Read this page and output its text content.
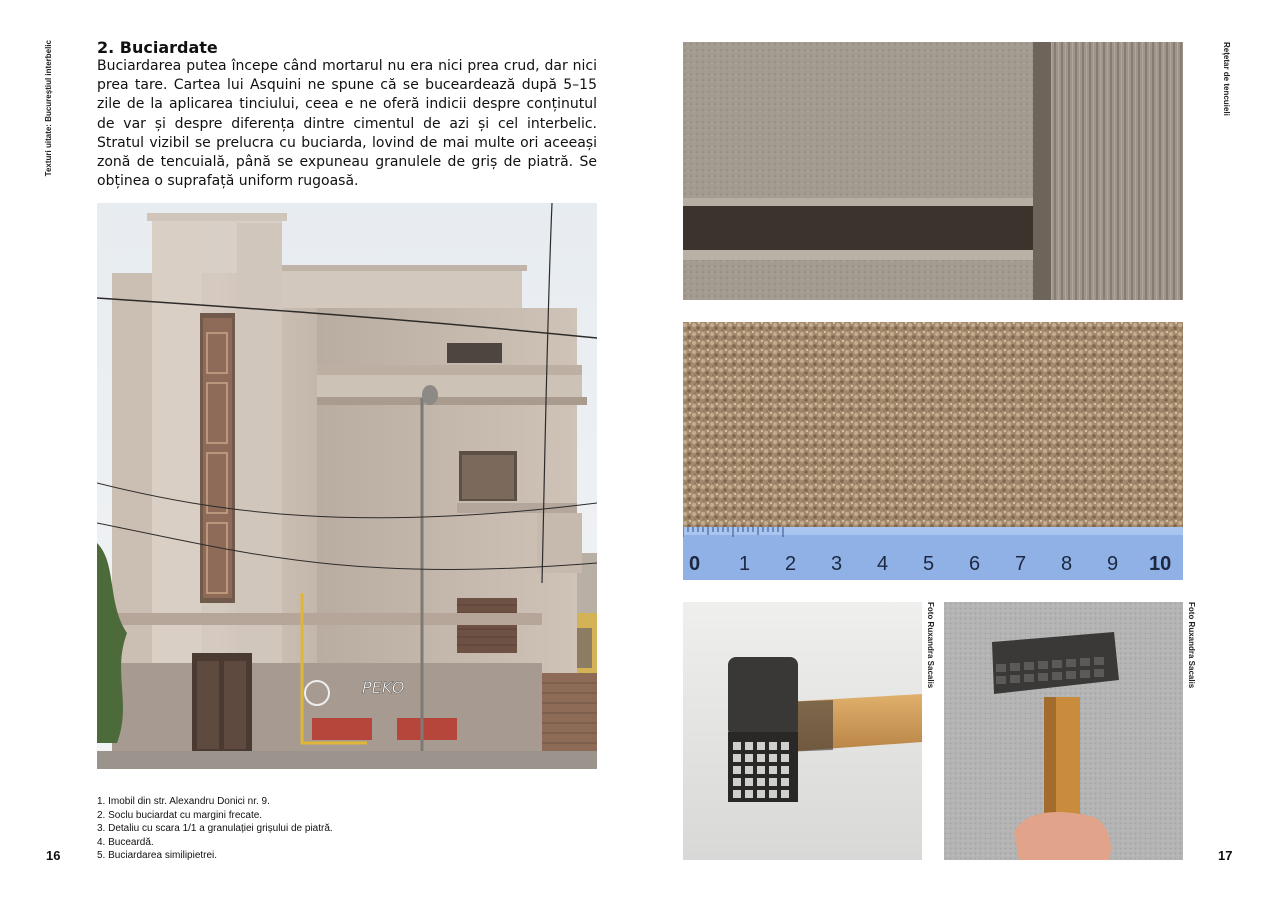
Texturi uitate: Bucureștiul interbelic	2. Buciardate

Buciardarea putea începe când mortarul nu era nici prea crud, dar nici prea tare. Cartea lui Asquini ne spune că se buceardează după 5–15 zile de la aplicarea tinciului, ceea e ne oferă indicii despre conținutul de var și despre diferența dintre cimentul de azi și cel interbelic. Stratul vizibil se prelucra cu buciarda, lovind de mai multe ori aceeași zonă de tencuială, până se expuneau granulele de griș de piatră. Se obținea o suprafață uniform rugoasă.

PEKO
1. Imobil din str. Alexandru Donici nr. 9.
2. Soclu buciardat cu margini frecate.
3. Detaliu cu scara 1/1 a granulației grișului de piatră.
4. Buceardă.
5. Buciardarea similipietrei.
16
Reţetar de tencuieli
0 1 2 3 4 5 6 7 8 9 10
Foto Ruxandra Sacalis	Foto Ruxandra Sacalis
17
